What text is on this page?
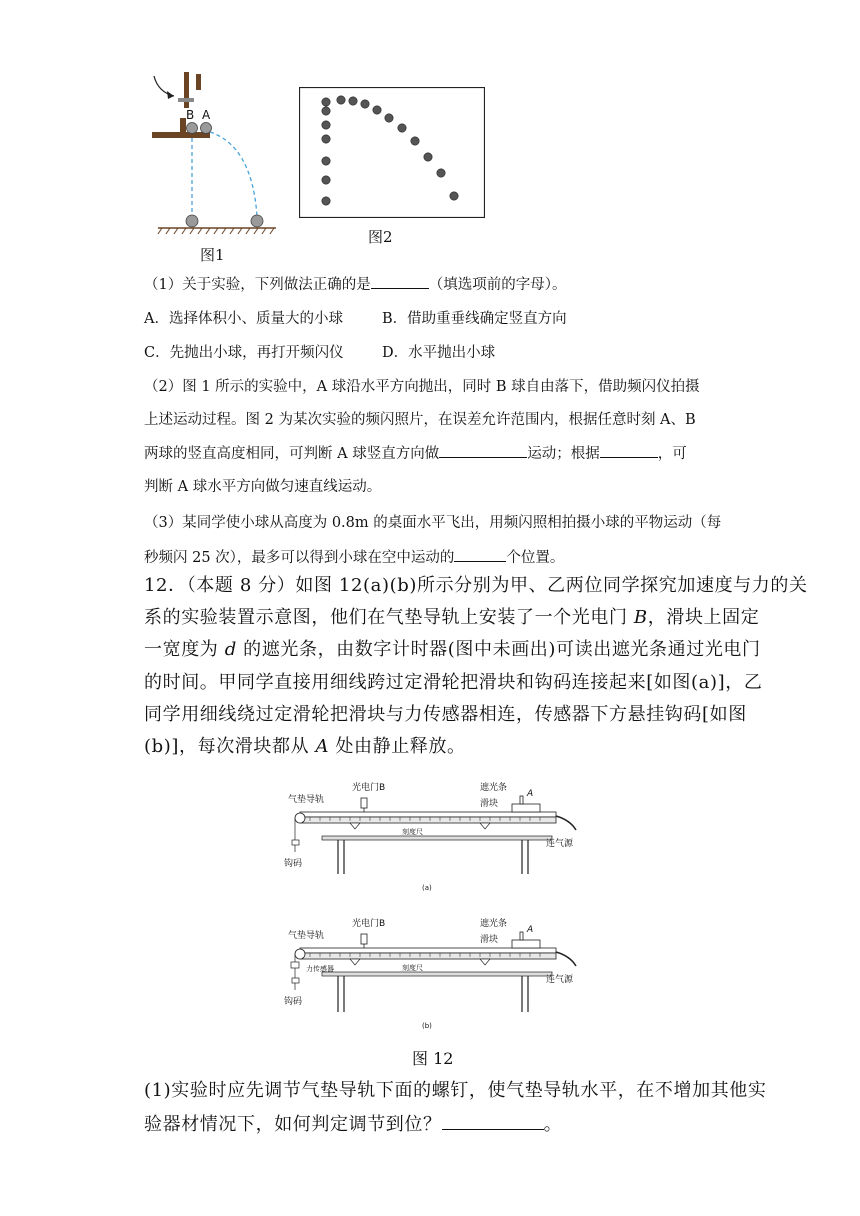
B A
图1
图2
（1）关于实验，下列做法正确的是	（填选项前的字母）。
A．选择体积小、质量大的小球	B．借助重垂线确定竖直方向
C．先抛出小球，再打开频闪仪	D．水平抛出小球
（2）图 1 所示的实验中，A 球沿水平方向抛出，同时 B 球自由落下，借助频闪仪拍摄
上述运动过程。图 2 为某次实验的频闪照片，在误差允许范围内，根据任意时刻 A、B
两球的竖直高度相同，可判断 A 球竖直方向做	运动；根据	，可
判断 A 球水平方向做匀速直线运动。
（3）某同学使小球从高度为 0.8m 的桌面水平飞出，用频闪照相拍摄小球的平物运动（每
秒频闪 25 次），最多可以得到小球在空中运动的	个位置。
12．（本题 8 分）如图 12(a)(b)所示分别为甲、乙两位同学探究加速度与力的关
系的实验装置示意图，他们在气垫导轨上安装了一个光电门 B，滑块上固定
一宽度为 d 的遮光条，由数字计时器(图中未画出)可读出遮光条通过光电门
的时间。甲同学直接用细线跨过定滑轮把滑块和钩码连接起来[如图(a)]，乙
同学用细线绕过定滑轮把滑块与力传感器相连，传感器下方悬挂钩码[如图
(b)]，每次滑块都从 A 处由静止释放。
光电门B
气垫导轨
遮光条
A
滑块
刻度尺
钩码
连气源
(a)
光电门B
气垫导轨
遮光条
A
滑块
力传感器	刻度尺
钩码
连气源
(b)
图 12
(1)实验时应先调节气垫导轨下面的螺钉，使气垫导轨水平，在不增加其他实
验器材情况下，如何判定调节到位？	。
